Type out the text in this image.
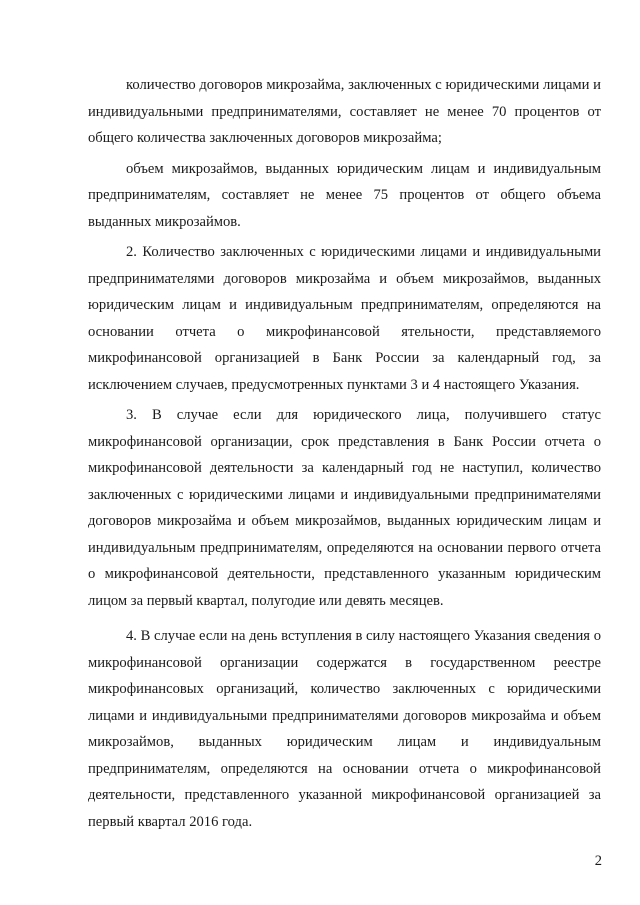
количество договоров микрозайма, заключенных с юридическими лицами и индивидуальными предпринимателями, составляет не менее 70 процентов от общего количества заключенных договоров микрозайма;

объем микрозаймов, выданных юридическим лицам и индивидуальным предпринимателям, составляет не менее 75 процентов от общего объема выданных микрозаймов.

2. Количество заключенных с юридическими лицами и индивидуальными предпринимателями договоров микрозайма и объем микрозаймов, выданных юридическим лицам и индивидуальным предпринимателям, определяются на основании отчета о микрофинансовой ятельности, представляемого микрофинансовой организацией в Банк России за календарный год, за исключением случаев, предусмотренных пунктами 3 и 4 настоящего Указания.

3. В случае если для юридического лица, получившего статус микрофинансовой организации, срок представления в Банк России отчета о микрофинансовой деятельности за календарный год не наступил, количество заключенных с юридическими лицами и индивидуальными предпринимателями договоров микрозайма и объем микрозаймов, выданных юридическим лицам и индивидуальным предпринимателям, определяются на основании первого отчета о микрофинансовой деятельности, представленного указанным юридическим лицом за первый квартал, полугодие или девять месяцев.

4. В случае если на день вступления в силу настоящего Указания сведения о микрофинансовой организации содержатся в государственном реестре микрофинансовых организаций, количество заключенных с юридическими лицами и индивидуальными предпринимателями договоров микрозайма и объем микрозаймов, выданных юридическим лицам и индивидуальным предпринимателям, определяются на основании отчета о микрофинансовой деятельности, представленного указанной микрофинансовой организацией за первый квартал 2016 года.

2
